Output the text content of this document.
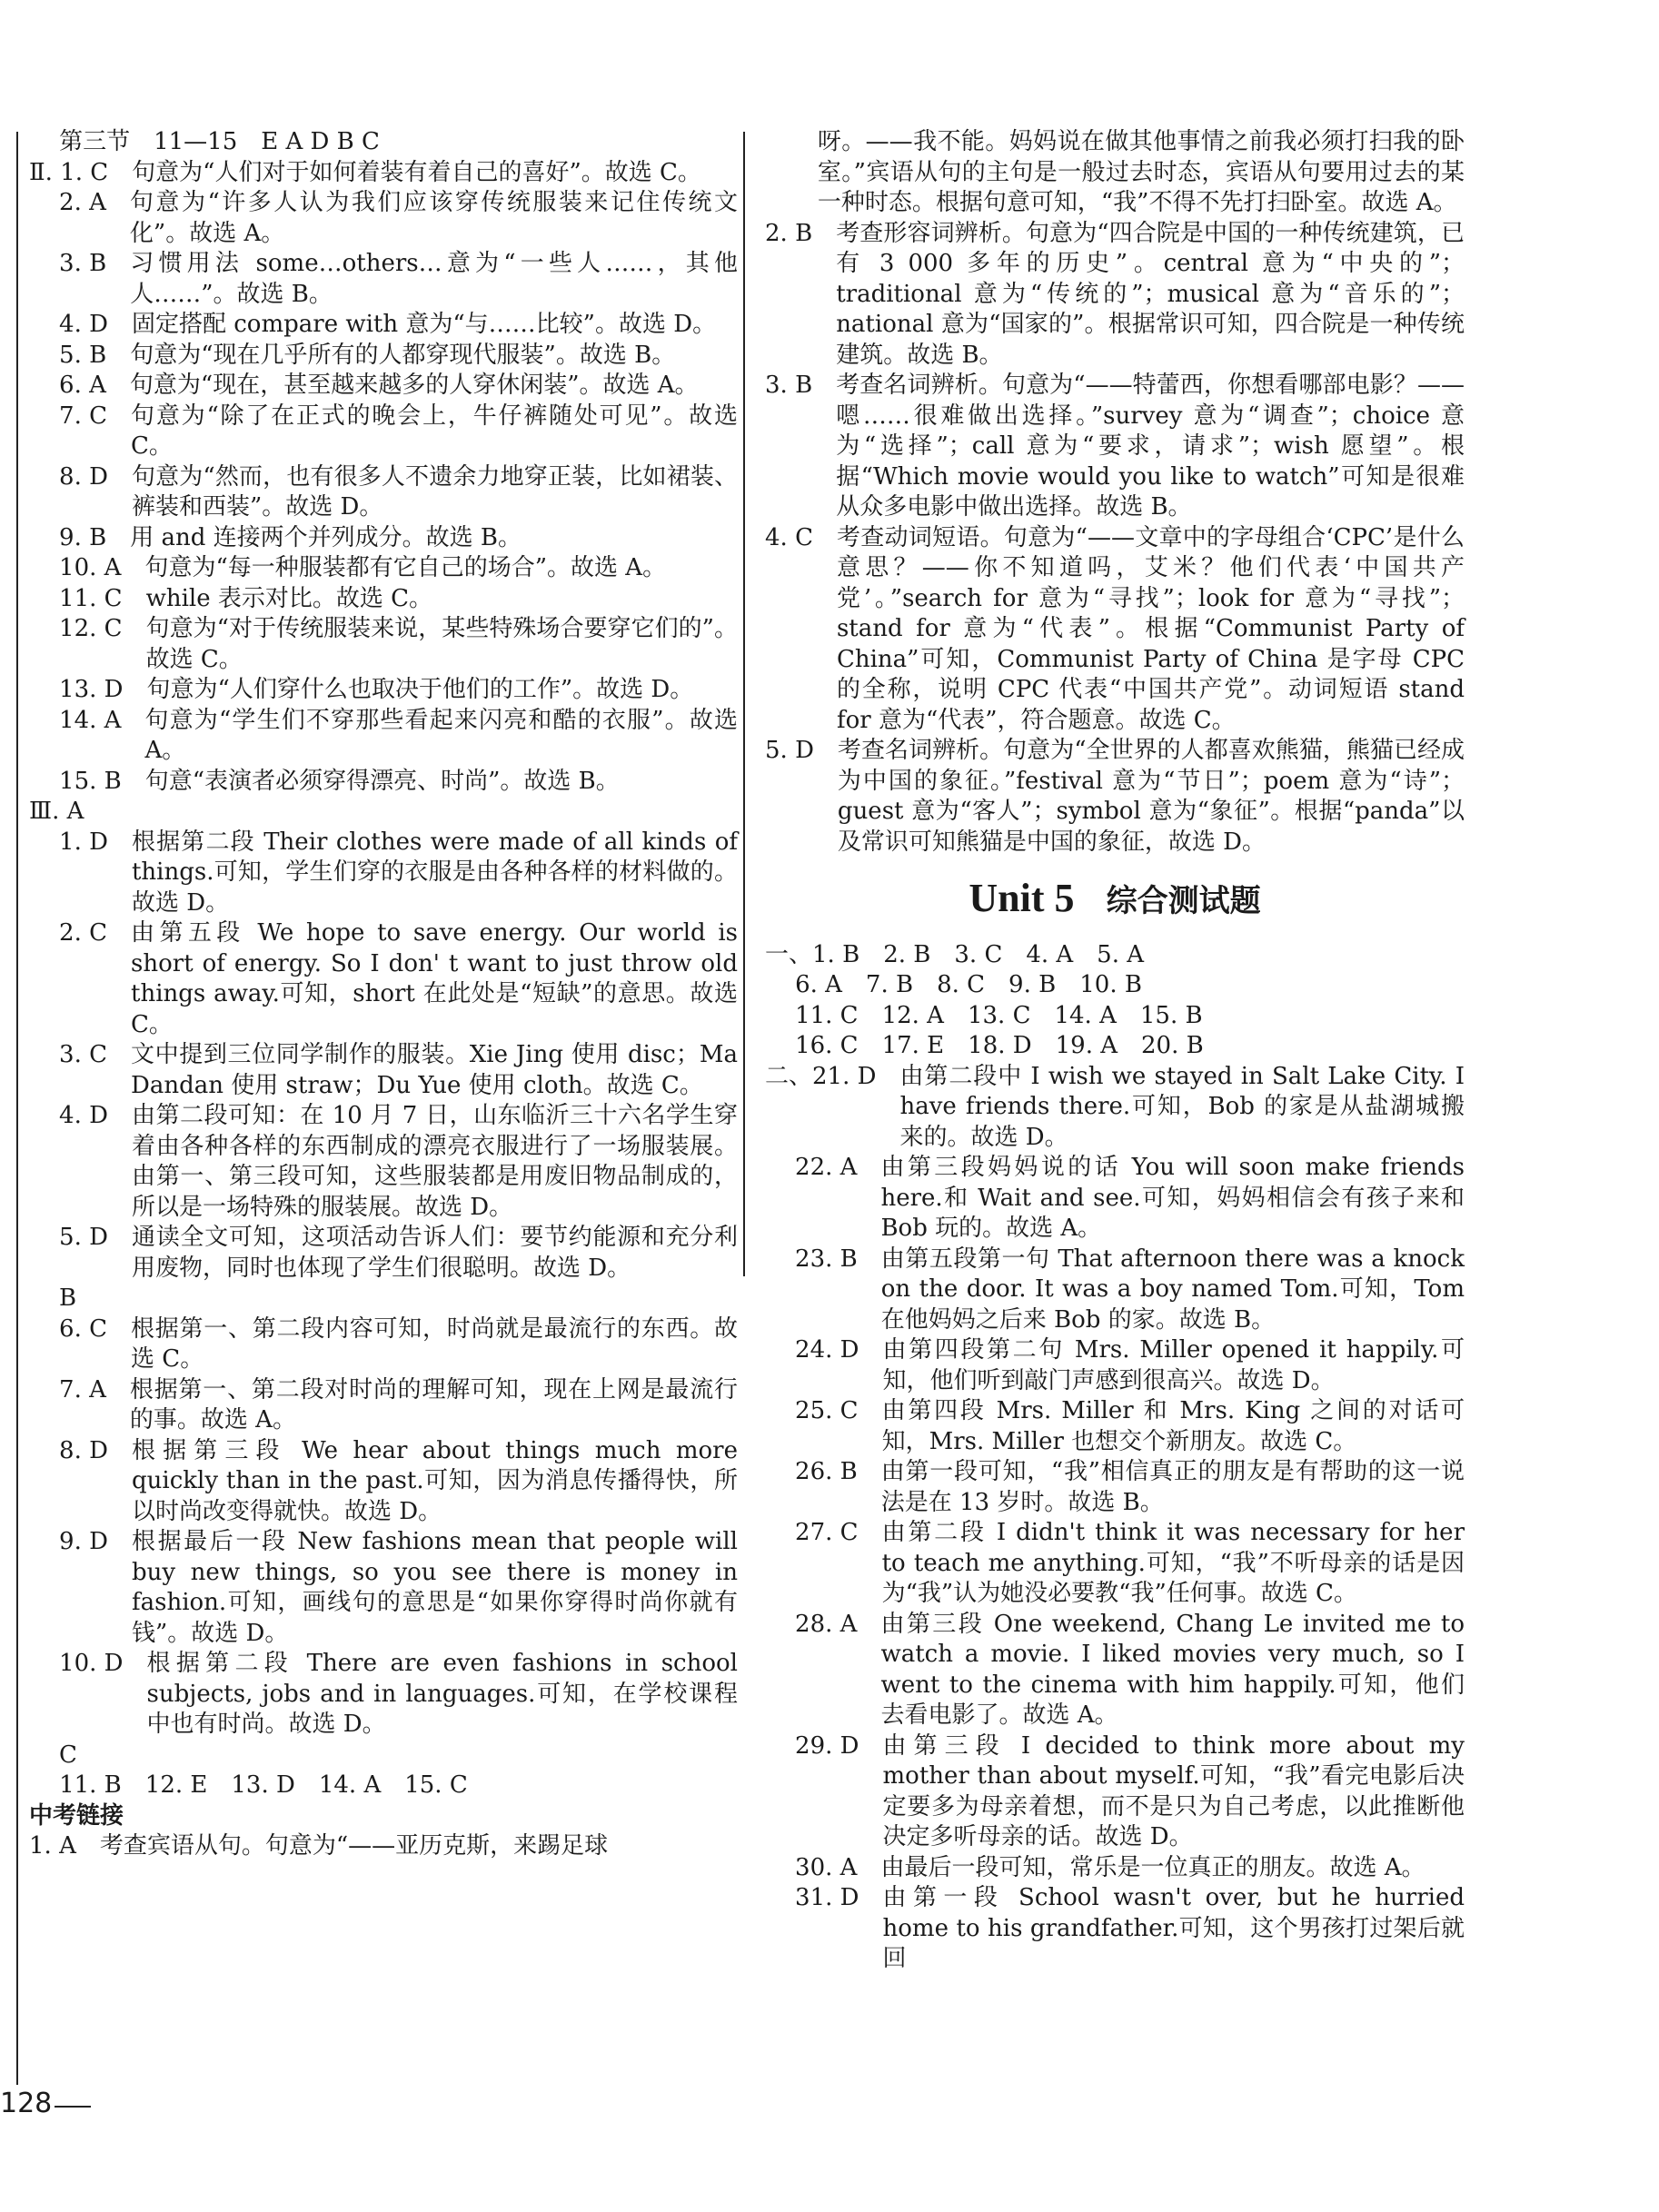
第三节　11—15　E A D B C
Ⅱ. 1. C　 句意为“人们对于如何着装有着自己的喜好”。故选 C。
2. A　 句意为“许多人认为我们应该穿传统服装来记住传统文化”。故选 A。
3. B　 习惯用法 some…others…意为“一些人……，其他人……”。故选 B。
4. D　 固定搭配 compare with 意为“与……比较”。故选 D。
5. B　 句意为“现在几乎所有的人都穿现代服装”。故选 B。
6. A　 句意为“现在，甚至越来越多的人穿休闲装”。故选 A。
7. C　 句意为“除了在正式的晚会上，牛仔裤随处可见”。故选 C。
8. D　 句意为“然而，也有很多人不遗余力地穿正装，比如裙装、裤装和西装”。故选 D。
9. B　 用 and 连接两个并列成分。故选 B。
10. A　 句意为“每一种服装都有它自己的场合”。故选 A。
11. C　 while 表示对比。故选 C。
12. C　 句意为“对于传统服装来说，某些特殊场合要穿它们的”。故选 C。
13. D　 句意为“人们穿什么也取决于他们的工作”。故选 D。
14. A　 句意为“学生们不穿那些看起来闪亮和酷的衣服”。故选 A。
15. B　 句意“表演者必须穿得漂亮、时尚”。故选 B。
Ⅲ. A
1. D　 根据第二段 Their clothes were made of all kinds of things.可知，学生们穿的衣服是由各种各样的材料做的。故选 D。
2. C　 由第五段 We hope to save energy. Our world is short of energy. So I don' t want to just throw old things away.可知，short 在此处是“短缺”的意思。故选 C。
3. C　 文中提到三位同学制作的服装。Xie Jing 使用 disc；Ma Dandan 使用 straw；Du Yue 使用 cloth。故选 C。
4. D　 由第二段可知：在 10 月 7 日，山东临沂三十六名学生穿着由各种各样的东西制成的漂亮衣服进行了一场服装展。由第一、第三段可知，这些服装都是用废旧物品制成的，所以是一场特殊的服装展。故选 D。
5. D　 通读全文可知，这项活动告诉人们：要节约能源和充分利用废物，同时也体现了学生们很聪明。故选 D。
B
6. C　 根据第一、第二段内容可知，时尚就是最流行的东西。故选 C。
7. A　 根据第一、第二段对时尚的理解可知，现在上网是最流行的事。故选 A。
8. D　 根据第三段 We hear about things much more quickly than in the past.可知，因为消息传播得快，所以时尚改变得就快。故选 D。
9. D　 根据最后一段 New fashions mean that people will buy new things, so you see there is money in fashion.可知，画线句的意思是“如果你穿得时尚你就有钱”。故选 D。
10. D　 根据第二段 There are even fashions in school subjects, jobs and in languages.可知，在学校课程中也有时尚。故选 D。
C

11. B　12. E　13. D　14. A　15. C
中考链接
1. A　 考查宾语从句。句意为“——亚历克斯，来踢足球

呀。——我不能。妈妈说在做其他事情之前我必须打扫我的卧室。”宾语从句的主句是一般过去时态，宾语从句要用过去的某一种时态。根据句意可知，“我”不得不先打扫卧室。故选 A。
2. B　 考查形容词辨析。句意为“四合院是中国的一种传统建筑，已有 3 000 多年的历史”。central 意为“中央的”；traditional 意为“传统的”；musical 意为“音乐的”；national 意为“国家的”。根据常识可知，四合院是一种传统建筑。故选 B。
3. B　 考查名词辨析。句意为“——特蕾西，你想看哪部电影？——嗯……很难做出选择。”survey 意为“调查”；choice 意为“选择”；call 意为“要求，请求”；wish 愿望”。根据“Which movie would you like to watch”可知是很难从众多电影中做出选择。故选 B。
4. C　 考查动词短语。句意为“——文章中的字母组合‘CPC’是什么意思？——你不知道吗，艾米？他们代表‘中国共产党’。”search for 意为“寻找”；look for 意为“寻找”；stand for 意为“代表”。根据“Communist Party of China”可知，Communist Party of China 是字母 CPC 的全称，说明 CPC 代表“中国共产党”。动词短语 stand for 意为“代表”，符合题意。故选 C。
5. D　 考查名词辨析。句意为“全世界的人都喜欢熊猫，熊猫已经成为中国的象征。”festival 意为“节日”；poem 意为“诗”；guest 意为“客人”；symbol 意为“象征”。根据“panda”以及常识可知熊猫是中国的象征，故选 D。
Unit 5 综合测试题
一、 1. B　2. B　3. C　4. A　5. A

6. A　7. B　8. C　9. B　10. B

11. C　12. A　13. C　14. A　15. B

16. C　17. E　18. D　19. A　20. B
二、21. D　 由第二段中 I wish we stayed in Salt Lake City. I have friends there.可知，Bob 的家是从盐湖城搬来的。故选 D。
22. A　 由第三段妈妈说的话 You will soon make friends here.和 Wait and see.可知，妈妈相信会有孩子来和 Bob 玩的。故选 A。
23. B　 由第五段第一句 That afternoon there was a knock on the door. It was a boy named Tom.可知，Tom 在他妈妈之后来 Bob 的家。故选 B。
24. D　 由第四段第二句 Mrs. Miller opened it happily.可知，他们听到敲门声感到很高兴。故选 D。
25. C　 由第四段 Mrs. Miller 和 Mrs. King 之间的对话可知，Mrs. Miller 也想交个新朋友。故选 C。
26. B　 由第一段可知，“我”相信真正的朋友是有帮助的这一说法是在 13 岁时。故选 B。
27. C　 由第二段 I didn't think it was necessary for her to teach me anything.可知，“我”不听母亲的话是因为“我”认为她没必要教“我”任何事。故选 C。
28. A　 由第三段 One weekend, Chang Le invited me to watch a movie. I liked movies very much, so I went to the cinema with him happily.可知，他们去看电影了。故选 A。
29. D　 由第三段 I decided to think more about my mother than about myself.可知，“我”看完电影后决定要多为母亲着想，而不是只为自己考虑，以此推断他决定多听母亲的话。故选 D。
30. A　 由最后一段可知，常乐是一位真正的朋友。故选 A。
31. D　 由第一段 School wasn't over, but he hurried home to his grandfather.可知，这个男孩打过架后就回
128
